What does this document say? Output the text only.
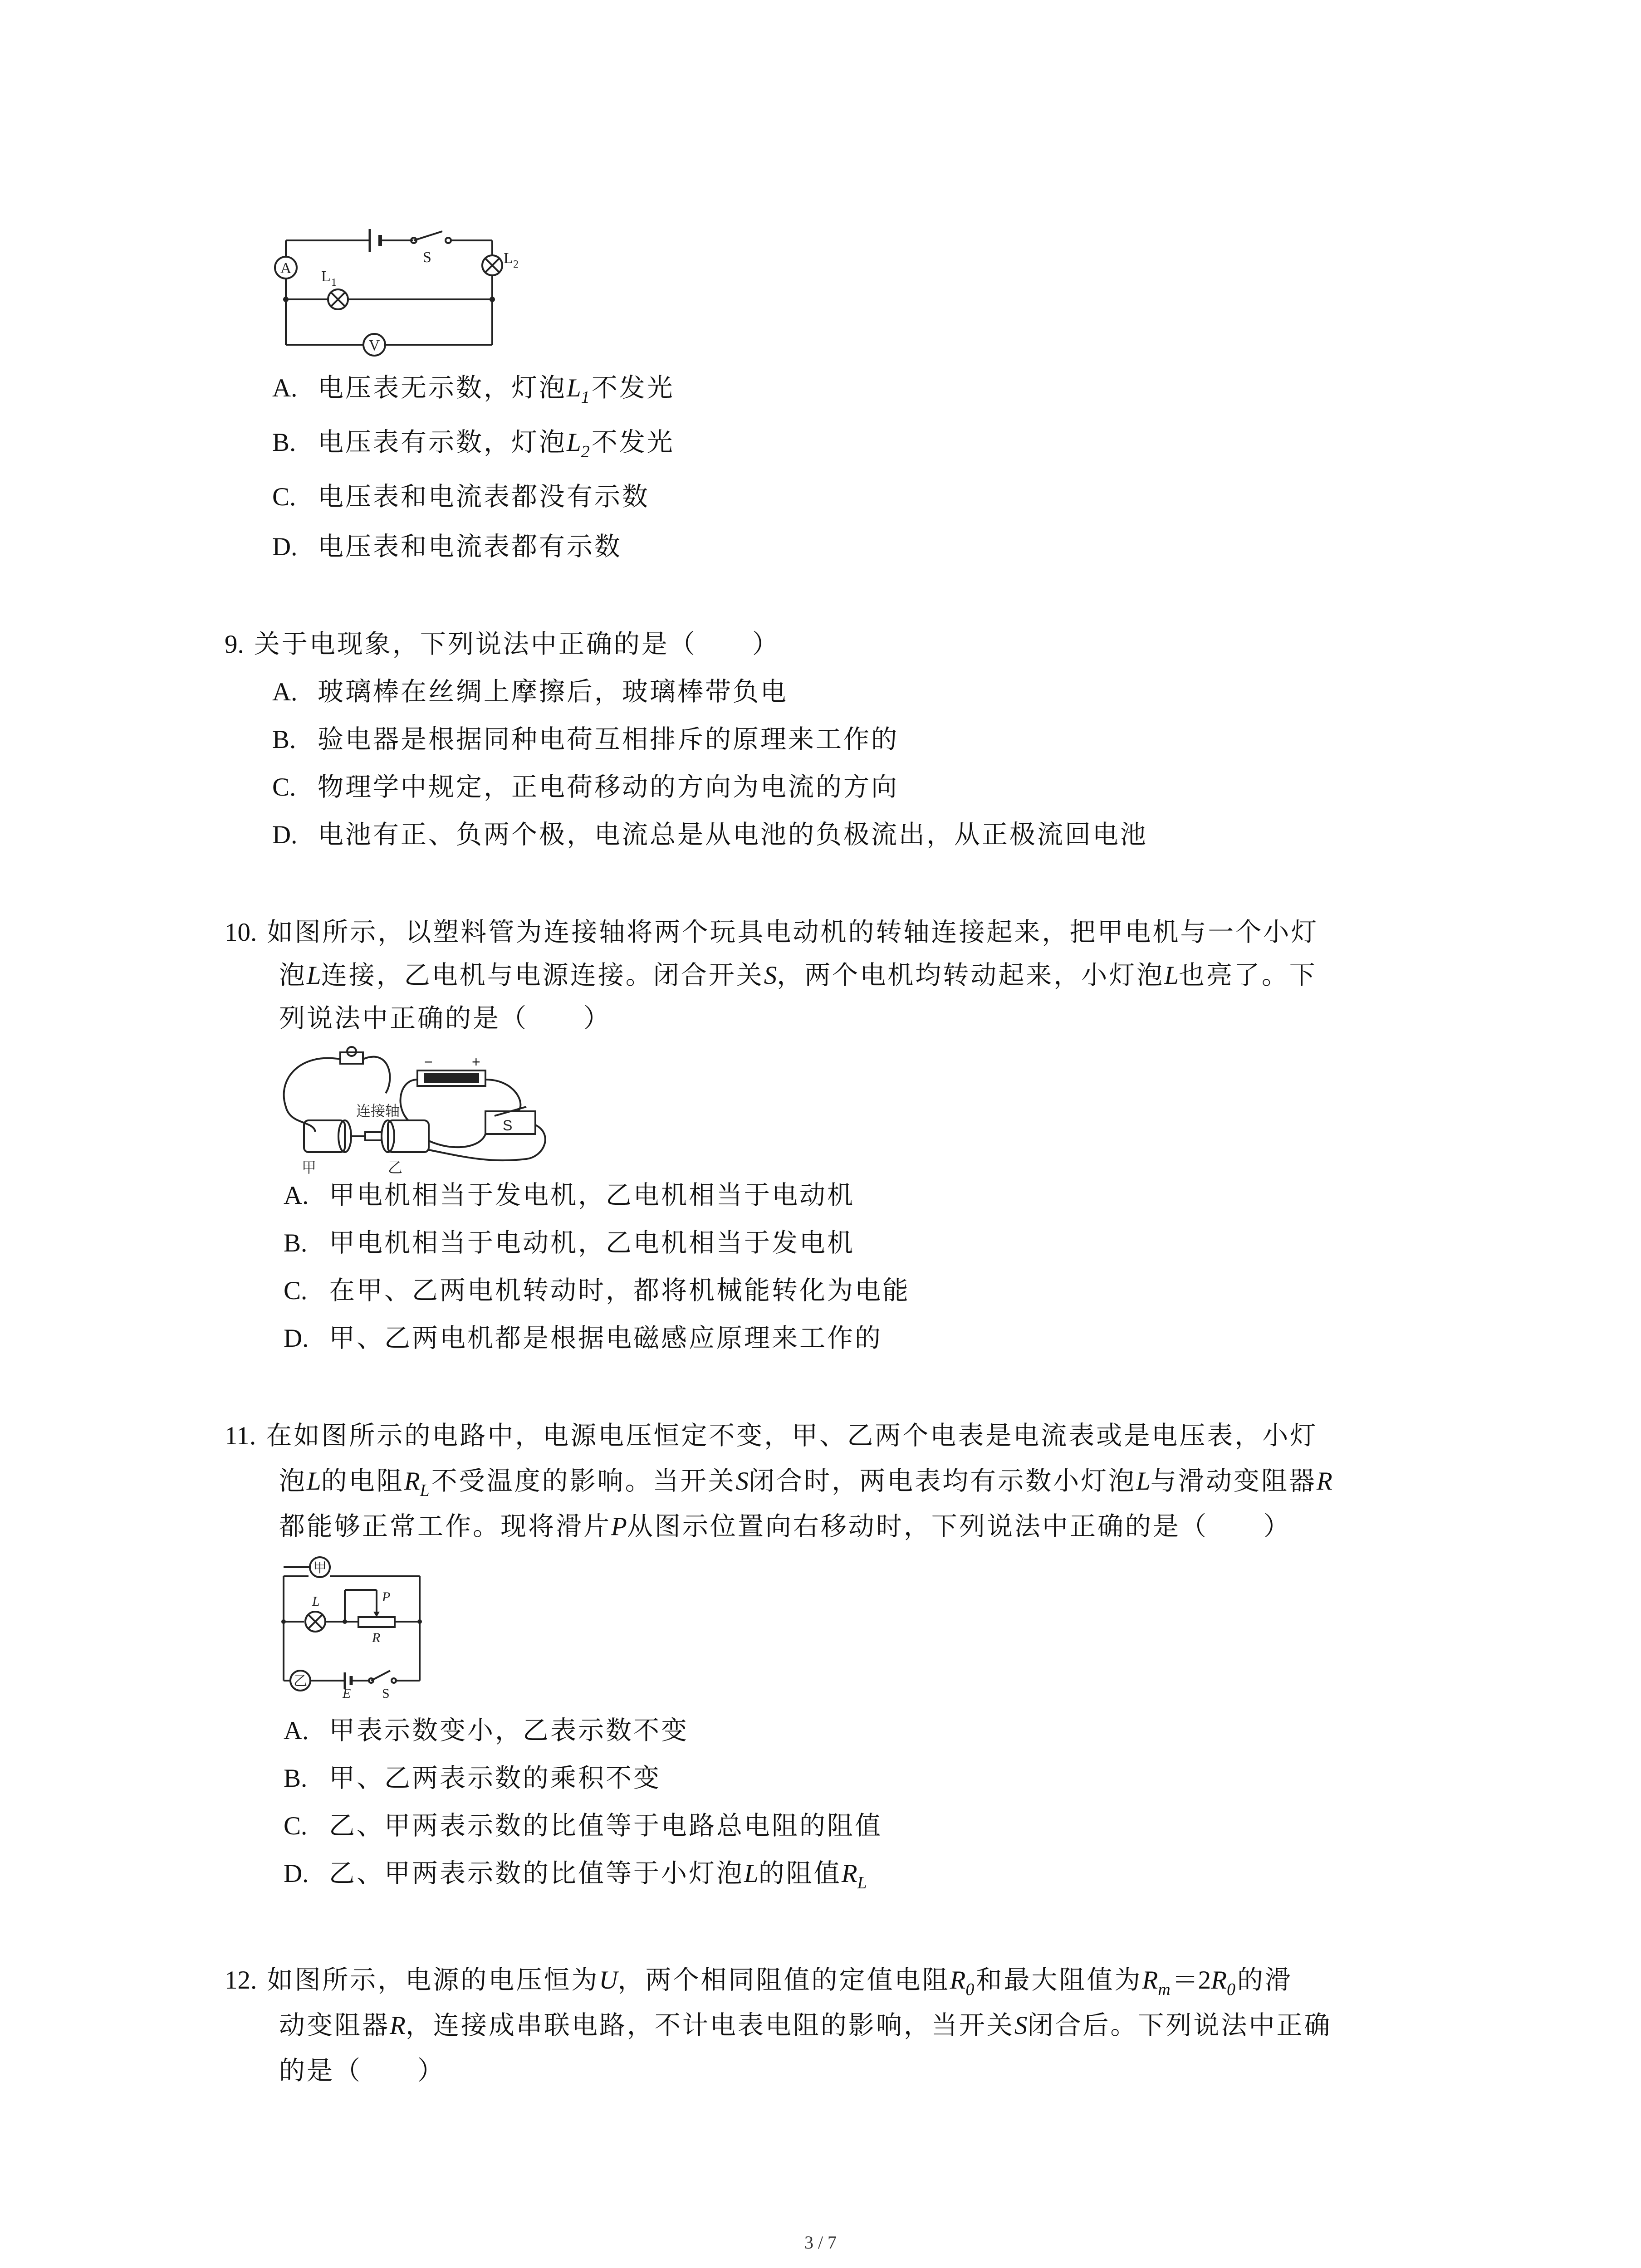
A
V
L 1
L 2
S
A. 电压表无示数，灯泡$L_1$不发光
B. 电压表有示数，灯泡$L_2$不发光
C. 电压表和电流表都没有示数
D. 电压表和电流表都有示数
9. 关于电现象，下列说法中正确的是（　　）
A. 玻璃棒在丝绸上摩擦后，玻璃棒带负电
B. 验电器是根据同种电荷互相排斥的原理来工作的
C. 物理学中规定，正电荷移动的方向为电流的方向
D. 电池有正、负两个极，电流总是从电池的负极流出，从正极流回电池
10. 如图所示，以塑料管为连接轴将两个玩具电动机的转轴连接起来，把甲电机与一个小灯
泡L连接，乙电机与电源连接。闭合开关S，两个电机均转动起来，小灯泡L也亮了。下
列说法中正确的是（　　）
连接轴
甲	乙
S
−	+
A. 甲电机相当于发电机，乙电机相当于电动机
B. 甲电机相当于电动机，乙电机相当于发电机
C. 在甲、乙两电机转动时，都将机械能转化为电能
D. 甲、乙两电机都是根据电磁感应原理来工作的
11. 在如图所示的电路中，电源电压恒定不变，甲、乙两个电表是电流表或是电压表，小灯
泡L的电阻$R_L$不受温度的影响。当开关S闭合时，两电表均有示数小灯泡L与滑动变阻器R
都能够正常工作。现将滑片P从图示位置向右移动时，下列说法中正确的是（　　）
甲
乙
L
R
P
E S
A. 甲表示数变小，乙表示数不变
B. 甲、乙两表示数的乘积不变
C. 乙、甲两表示数的比值等于电路总电阻的阻值
D. 乙、甲两表示数的比值等于小灯泡L的阻值$R_L$
12. 如图所示，电源的电压恒为U，两个相同阻值的定值电阻$R_0$和最大阻值为$R_m=2R_0$的滑
动变阻器R，连接成串联电路，不计电表电阻的影响，当开关S闭合后。下列说法中正确
的是（　　）
3 / 7
